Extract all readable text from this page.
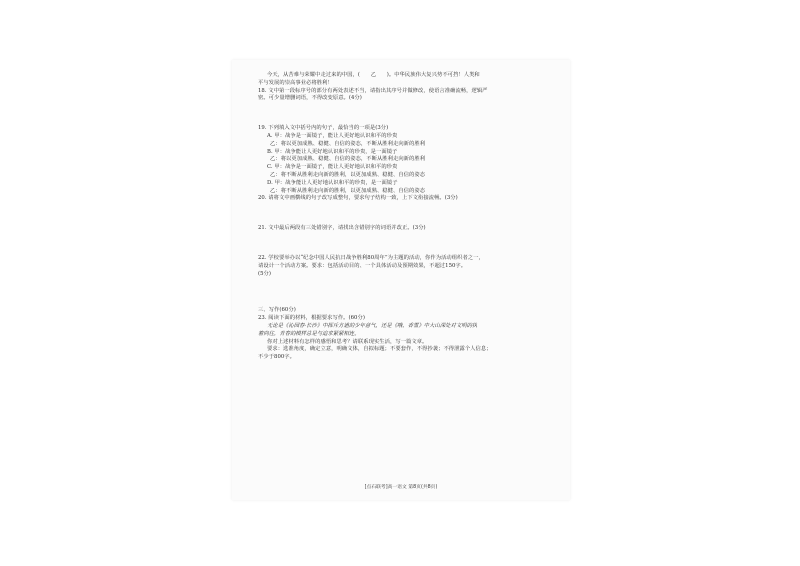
今天，从苦难与荣耀中走过来的中国，(　　乙　　)。中华民族伟大复兴势不可挡！人类和
平与发展的崇高事业必将胜利！
18. 文中第一段标序号的部分有两处表述不当，请指出其序号并做修改，使语言准确流畅，逻辑严
密。可少量增删词语，不得改变原意。(4分)
19. 下列填入文中括号内的句子，最恰当的一项是(3分)
A. 甲：战争是一面镜子，能让人更好地认识和平的珍贵
乙：将以更加成熟、稳健、自信的姿态，不断从胜利走向新的胜利
B. 甲：战争能让人更好地认识和平的珍贵，是一面镜子
乙：将以更加成熟、稳健、自信的姿态，不断从胜利走向新的胜利
C. 甲：战争是一面镜子，能让人更好地认识和平的珍贵
乙：将不断从胜利走向新的胜利，以更加成熟、稳健、自信的姿态
D. 甲：战争能让人更好地认识和平的珍贵，是一面镜子
乙：将不断从胜利走向新的胜利，以更加成熟、稳健、自信的姿态
20. 请将文中画横线的句子改写成整句，要求句子结构一致，上下文衔接流畅。(3分)
21. 文中最后两段有三处错别字，请找出含错别字的词语并改正。(3分)
22. 学校要举办以“纪念中国人民抗日战争胜利80周年”为主题的活动，你作为活动组织者之一，
请设计一个活动方案。要求：包括活动目的、一个具体活动及预期效果，不超过150字。
(5分)
三、写作(60分)
23. 阅读下面的材料，根据要求写作。(60分)
无论是《沁园春·长沙》中挥斥方遒的少年意气，还是《哦，香雪》中大山深处对文明的执
着向往，青春的模样总是与追求紧紧相连。
你对上述材料有怎样的感悟和思考？请联系现实生活，写一篇文章。
要求：选准角度，确定立意，明确文体，自拟标题；不要套作，不得抄袭；不得泄露个人信息；
不少于800字。
[点石联考]高一语文 第8页(共8页)
